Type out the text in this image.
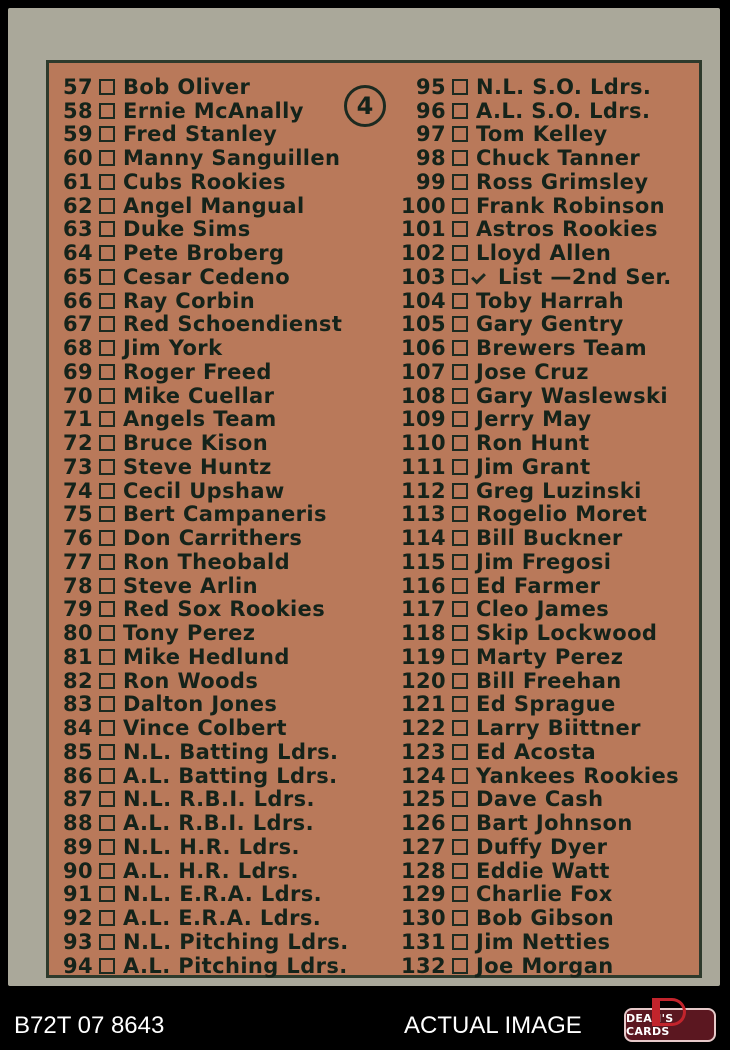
57 Bob Oliver
58 Ernie McAnally
59 Fred Stanley
60 Manny Sanguillen
61 Cubs Rookies
62 Angel Mangual
63 Duke Sims
64 Pete Broberg
65 Cesar Cedeno
66 Ray Corbin
67 Red Schoendienst
68 Jim York
69 Roger Freed
70 Mike Cuellar
71 Angels Team
72 Bruce Kison
73 Steve Huntz
74 Cecil Upshaw
75 Bert Campaneris
76 Don Carrithers
77 Ron Theobald
78 Steve Arlin
79 Red Sox Rookies
80 Tony Perez
81 Mike Hedlund
82 Ron Woods
83 Dalton Jones
84 Vince Colbert
85 N.L. Batting Ldrs.
86 A.L. Batting Ldrs.
87 N.L. R.B.I. Ldrs.
88 A.L. R.B.I. Ldrs.
89 N.L. H.R. Ldrs.
90 A.L. H.R. Ldrs.
91 N.L. E.R.A. Ldrs.
92 A.L. E.R.A. Ldrs.
93 N.L. Pitching Ldrs.
94 A.L. Pitching Ldrs.
95 N.L. S.O. Ldrs.
96 A.L. S.O. Ldrs.
97 Tom Kelley
98 Chuck Tanner
99 Ross Grimsley
100 Frank Robinson
101 Astros Rookies
102 Lloyd Allen
103 List —2nd Ser.
104 Toby Harrah
105 Gary Gentry
106 Brewers Team
107 Jose Cruz
108 Gary Waslewski
109 Jerry May
110 Ron Hunt
111 Jim Grant
112 Greg Luzinski
113 Rogelio Moret
114 Bill Buckner
115 Jim Fregosi
116 Ed Farmer
117 Cleo James
118 Skip Lockwood
119 Marty Perez
120 Bill Freehan
121 Ed Sprague
122 Larry Biittner
123 Ed Acosta
124 Yankees Rookies
125 Dave Cash
126 Bart Johnson
127 Duffy Dyer
128 Eddie Watt
129 Charlie Fox
130 Bob Gibson
131 Jim Netties
132 Joe Morgan
4
B72T 07 8643	ACTUAL IMAGE	DEAN'S CARDS
